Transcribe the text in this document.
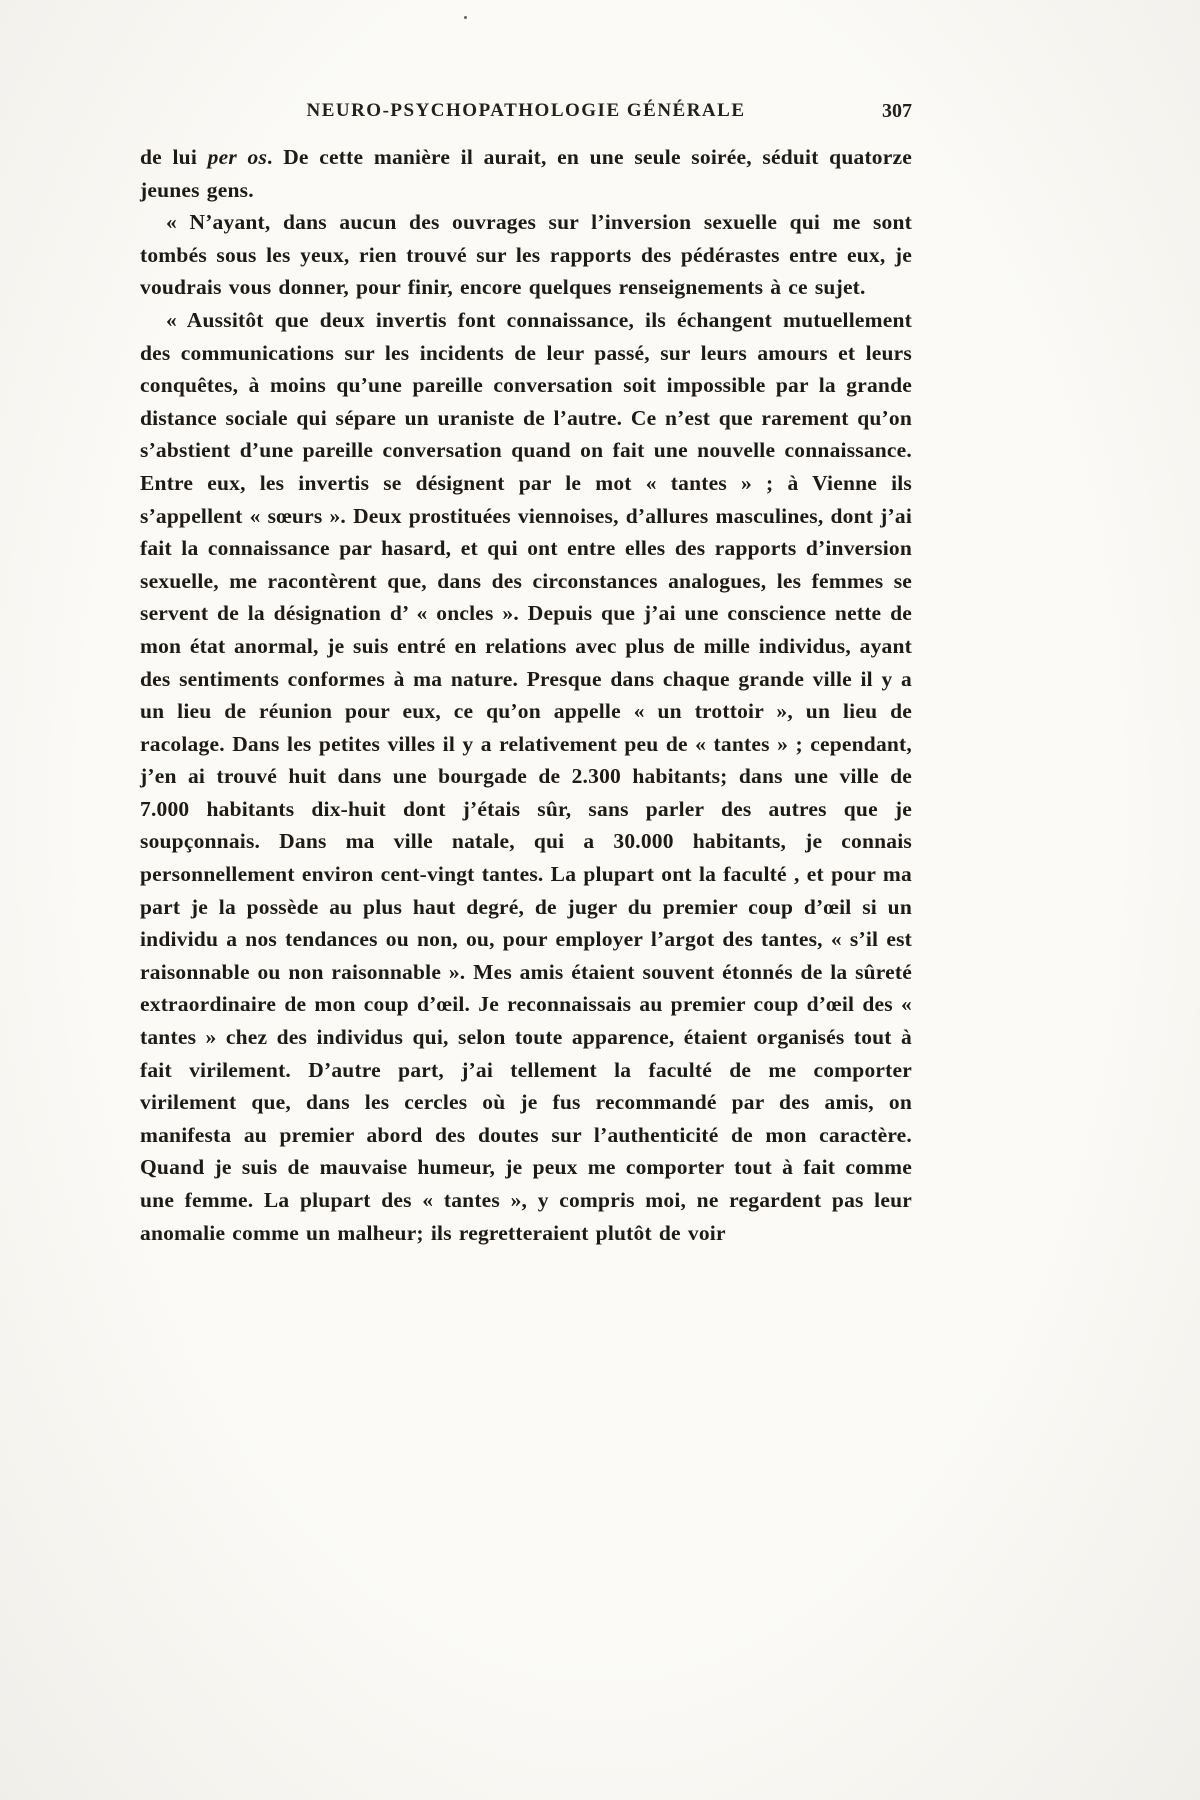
NEURO-PSYCHOPATHOLOGIE GÉNÉRALE	307

de lui per os. De cette manière il aurait, en une seule soirée, séduit quatorze jeunes gens.

« N’ayant, dans aucun des ouvrages sur l’inversion sexuelle qui me sont tombés sous les yeux, rien trouvé sur les rapports des pédérastes entre eux, je voudrais vous donner, pour finir, encore quelques renseignements à ce sujet.

« Aussitôt que deux invertis font connaissance, ils échangent mutuellement des communications sur les incidents de leur passé, sur leurs amours et leurs conquêtes, à moins qu’une pareille conversation soit impossible par la grande distance sociale qui sépare un uraniste de l’autre. Ce n’est que rarement qu’on s’abstient d’une pareille conversation quand on fait une nouvelle connaissance. Entre eux, les invertis se désignent par le mot « tantes » ; à Vienne ils s’appellent « sœurs ». Deux prostituées viennoises, d’allures masculines, dont j’ai fait la connaissance par hasard, et qui ont entre elles des rapports d’inversion sexuelle, me racontèrent que, dans des circonstances analogues, les femmes se servent de la désignation d’ « oncles ». Depuis que j’ai une conscience nette de mon état anormal, je suis entré en relations avec plus de mille individus, ayant des sentiments conformes à ma nature. Presque dans chaque grande ville il y a un lieu de réunion pour eux, ce qu’on appelle « un trottoir », un lieu de racolage. Dans les petites villes il y a relativement peu de « tantes » ; cependant, j’en ai trouvé huit dans une bourgade de 2.300 habitants; dans une ville de 7.000 habitants dix-huit dont j’étais sûr, sans parler des autres que je soupçonnais. Dans ma ville natale, qui a 30.000 habitants, je connais personnellement environ cent-vingt tantes. La plupart ont la faculté , et pour ma part je la possède au plus haut degré, de juger du premier coup d’œil si un individu a nos tendances ou non, ou, pour employer l’argot des tantes, « s’il est raisonnable ou non raisonnable ». Mes amis étaient souvent étonnés de la sûreté extraordinaire de mon coup d’œil. Je reconnaissais au premier coup d’œil des « tantes » chez des individus qui, selon toute apparence, étaient organisés tout à fait virilement. D’autre part, j’ai tellement la faculté de me comporter virilement que, dans les cercles où je fus recommandé par des amis, on manifesta au premier abord des doutes sur l’authenticité de mon caractère. Quand je suis de mauvaise humeur, je peux me comporter tout à fait comme une femme. La plupart des « tantes », y compris moi, ne regardent pas leur anomalie comme un malheur; ils regretteraient plutôt de voir
